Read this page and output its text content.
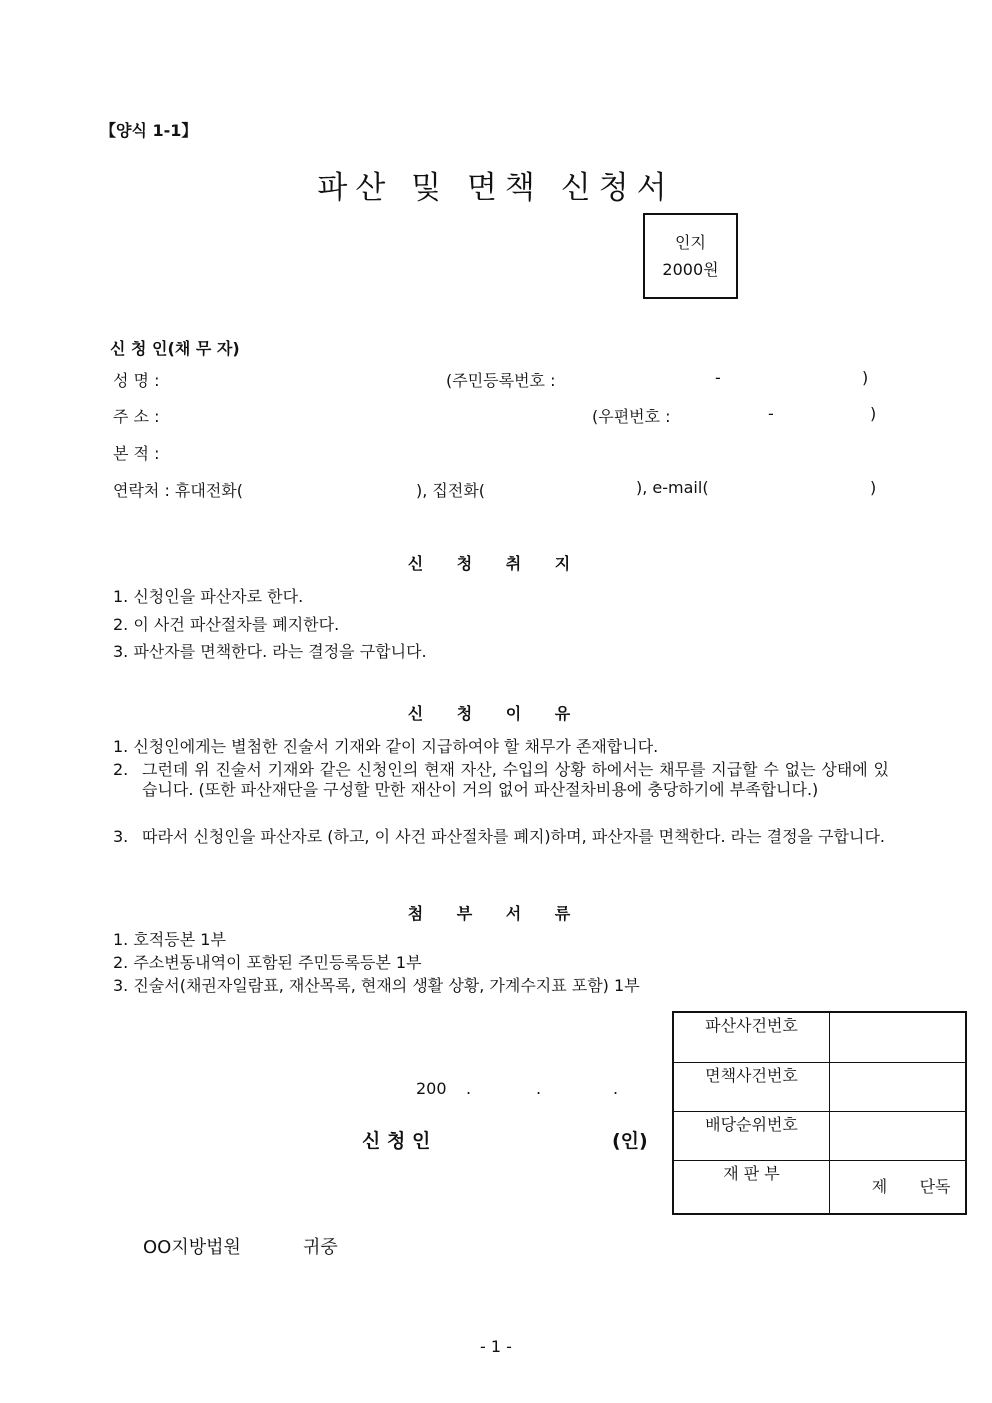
【양식 1-1】
파산 및 면책 신청서
인지
2000원
신 청 인(채 무 자)
성 명 :	(주민등록번호 :	-	)
주 소 :	(우편번호 :	-	)
본 적 :
연락처 : 휴대전화(	), 집전화(	), e-mail(	)
신 청 취 지
1. 신청인을 파산자로 한다.
2. 이 사건 파산절차를 폐지한다.
3. 파산자를 면책한다. 라는 결정을 구합니다.
신 청 이 유
1. 신청인에게는 별첨한 진술서 기재와 같이 지급하여야 할 채무가 존재합니다.
2. 그런데 위 진술서 기재와 같은 신청인의 현재 자산, 수입의 상황 하에서는 채무를 지급할 수 없는 상태에 있습니다. (또한 파산재단을 구성할 만한 재산이 거의 없어 파산절차비용에 충당하기에 부족합니다.)
3. 따라서 신청인을 파산자로 (하고, 이 사건 파산절차를 폐지)하며, 파산자를 면책한다. 라는 결정을 구합니다.
첨 부 서 류
1. 호적등본 1부
2. 주소변동내역이 포함된 주민등록등본 1부
3. 진술서(채권자일람표, 재산목록, 현재의 생활 상황, 가계수지표 포함) 1부
파산사건번호	
면책사건번호	
배당순위번호	
재 판 부	제 단독
200 .	.	.
신 청 인	(인)
OO지방법원	귀중
- 1 -
